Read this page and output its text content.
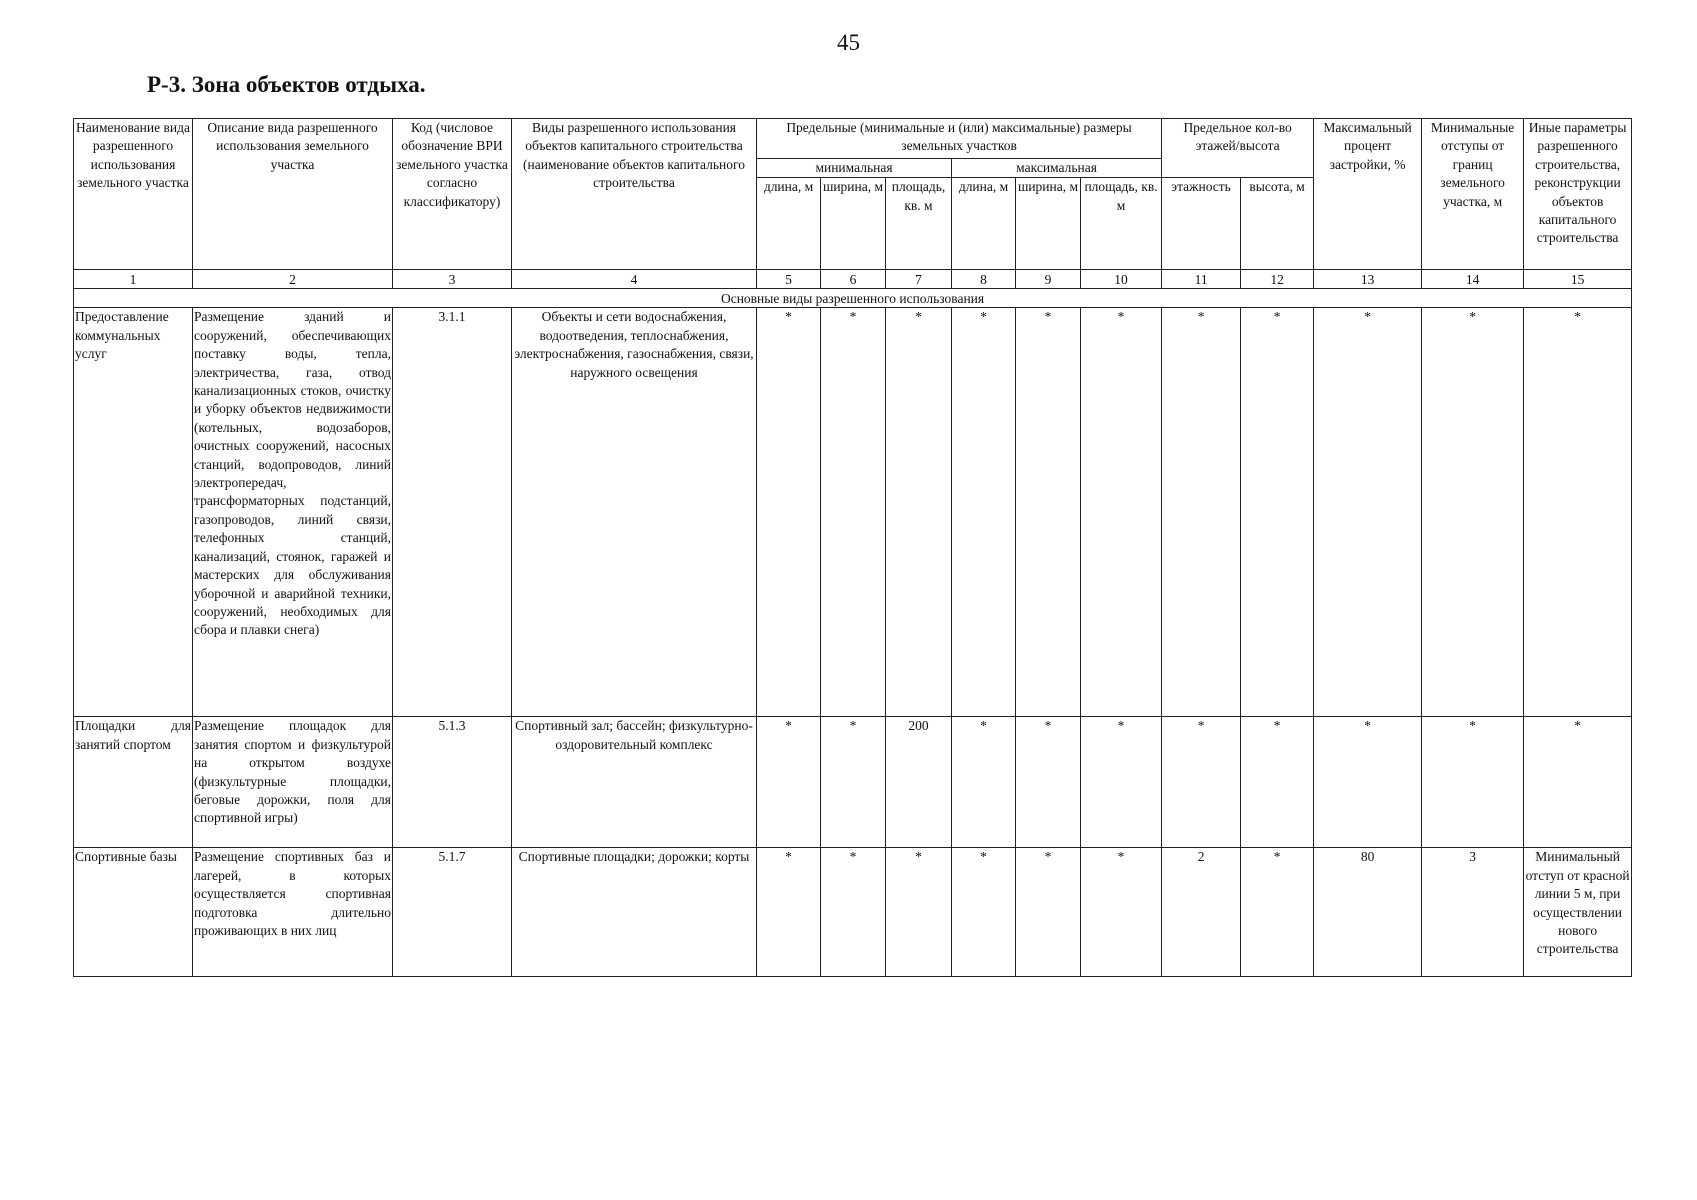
45
Р-3. Зона объектов отдыха.
Наименование вида разрешенного использования земельного участка	Описание вида разрешенного использования земельного участка	Код (числовое обозначение ВРИ земельного участка согласно классификатору)	Виды разрешенного использования объектов капитального строительства (наименование объектов капитального строительства	Предельные (минимальные и (или) максимальные) размеры земельных участков						Предельное кол-во этажей/высота		Максимальный процент застройки, %	Минимальные отступы от границ земельного участка, м	Иные параметры разрешенного строительства, реконструкции объектов капитального строительства
				минимальная			максимальная							
				длина, м	ширина, м	площадь, кв. м	длина, м	ширина, м	площадь, кв. м	этажность	высота, м			
1	2	3	4	5	6	7	8	9	10	11	12	13	14	15
Основные виды разрешенного использования														
Предоставление коммунальных услуг	Размещение зданий и сооружений, обеспечивающих поставку воды, тепла, электричества, газа, отвод канализационных стоков, очистку и уборку объектов недвижимости (котельных, водозаборов, очистных сооружений, насосных станций, водопроводов, линий электропередач, трансформаторных подстанций, газопроводов, линий связи, телефонных станций, канализаций, стоянок, гаражей и мастерских для обслуживания уборочной и аварийной техники, сооружений, необходимых для сбора и плавки снега)	3.1.1	Объекты и сети водоснабжения, водоотведения, теплоснабжения, электроснабжения, газоснабжения, связи, наружного освещения	*	*	*	*	*	*	*	*	*	*	*
Площадки для занятий спортом	Размещение площадок для занятия спортом и физкультурой на открытом воздухе (физкультурные площадки, беговые дорожки, поля для спортивной игры)	5.1.3	Спортивный зал; бассейн; физкультурно-оздоровительный комплекс	*	*	200	*	*	*	*	*	*	*	*
Спортивные базы	Размещение спортивных баз и лагерей, в которых осуществляется спортивная подготовка длительно проживающих в них лиц	5.1.7	Спортивные площадки; дорожки; корты	*	*	*	*	*	*	2	*	80	3	Минимальный отступ от красной линии 5 м, при осуществлении нового строительства
